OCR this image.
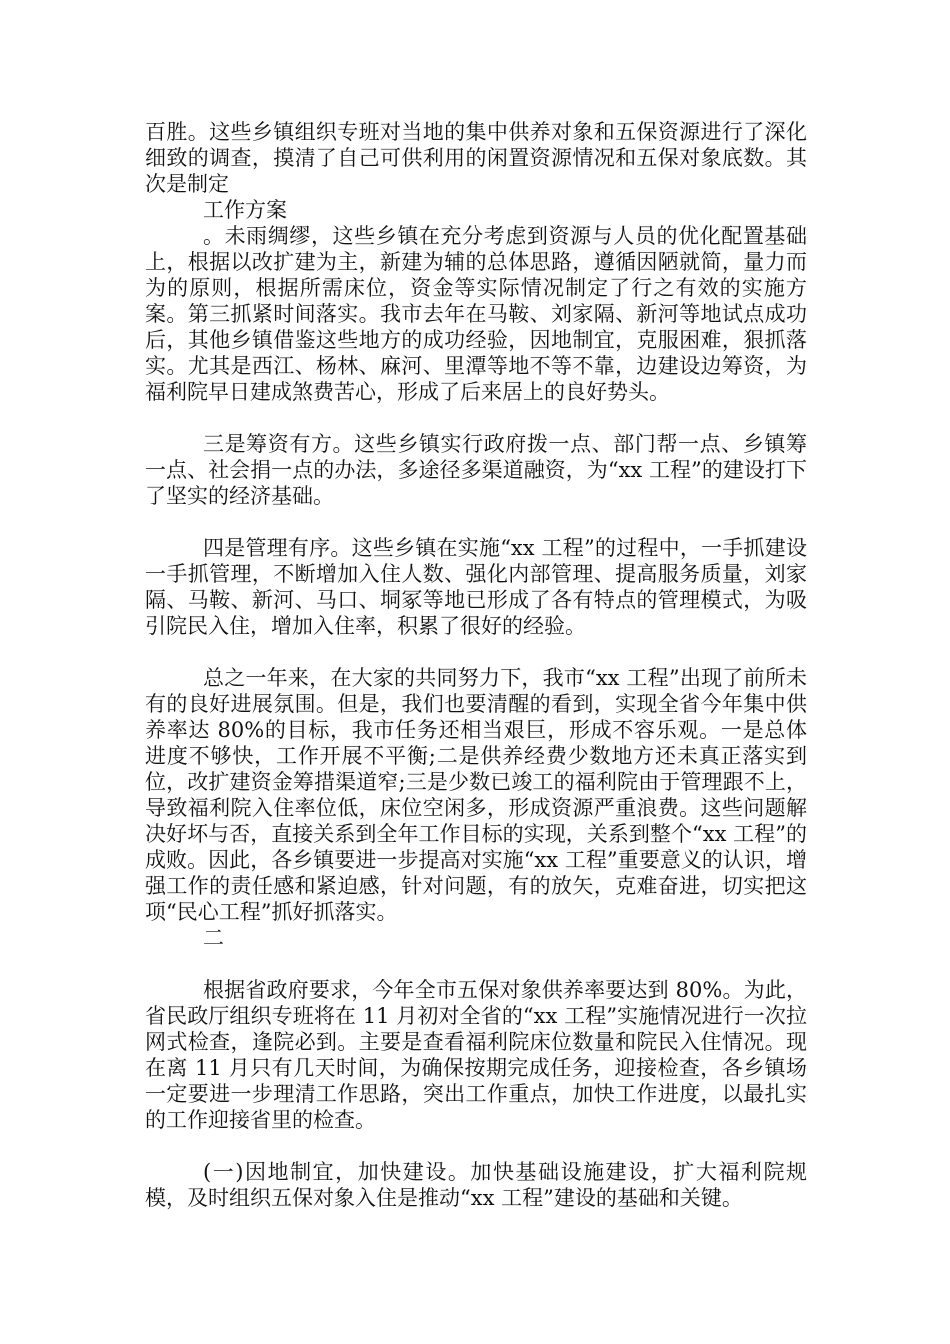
百胜。这些乡镇组织专班对当地的集中供养对象和五保资源进行了深化细致的调查，摸清了自己可供利用的闲置资源情况和五保对象底数。其次是制定

工作方案

。未雨绸缪，这些乡镇在充分考虑到资源与人员的优化配置基础上，根据以改扩建为主，新建为辅的总体思路，遵循因陋就简，量力而为的原则，根据所需床位，资金等实际情况制定了行之有效的实施方案。第三抓紧时间落实。我市去年在马鞍、刘家隔、新河等地试点成功后，其他乡镇借鉴这些地方的成功经验，因地制宜，克服困难，狠抓落实。尤其是西江、杨林、麻河、里潭等地不等不靠，边建设边筹资，为福利院早日建成煞费苦心，形成了后来居上的良好势头。

三是筹资有方。这些乡镇实行政府拨一点、部门帮一点、乡镇筹一点、社会捐一点的办法，多途径多渠道融资，为“xx 工程”的建设打下了坚实的经济基础。

四是管理有序。这些乡镇在实施“xx 工程”的过程中，一手抓建设一手抓管理，不断增加入住人数、强化内部管理、提高服务质量，刘家隔、马鞍、新河、马口、垌冢等地已形成了各有特点的管理模式，为吸引院民入住，增加入住率，积累了很好的经验。

总之一年来，在大家的共同努力下，我市“xx 工程”出现了前所未有的良好进展氛围。但是，我们也要清醒的看到，实现全省今年集中供养率达 80%的目标，我市任务还相当艰巨，形成不容乐观。一是总体进度不够快，工作开展不平衡;二是供养经费少数地方还未真正落实到位，改扩建资金筹措渠道窄;三是少数已竣工的福利院由于管理跟不上，导致福利院入住率位低，床位空闲多，形成资源严重浪费。这些问题解决好坏与否，直接关系到全年工作目标的实现，关系到整个“xx 工程”的成败。因此，各乡镇要进一步提高对实施“xx 工程”重要意义的认识，增强工作的责任感和紧迫感，针对问题，有的放矢，克难奋进，切实把这项“民心工程”抓好抓落实。

二

根据省政府要求，今年全市五保对象供养率要达到 80%。为此，省民政厅组织专班将在 11 月初对全省的“xx 工程”实施情况进行一次拉网式检查，逢院必到。主要是查看福利院床位数量和院民入住情况。现在离 11 月只有几天时间，为确保按期完成任务，迎接检查，各乡镇场一定要进一步理清工作思路，突出工作重点，加快工作进度，以最扎实的工作迎接省里的检查。

(一)因地制宜，加快建设。加快基础设施建设，扩大福利院规模，及时组织五保对象入住是推动“xx 工程”建设的基础和关键。
